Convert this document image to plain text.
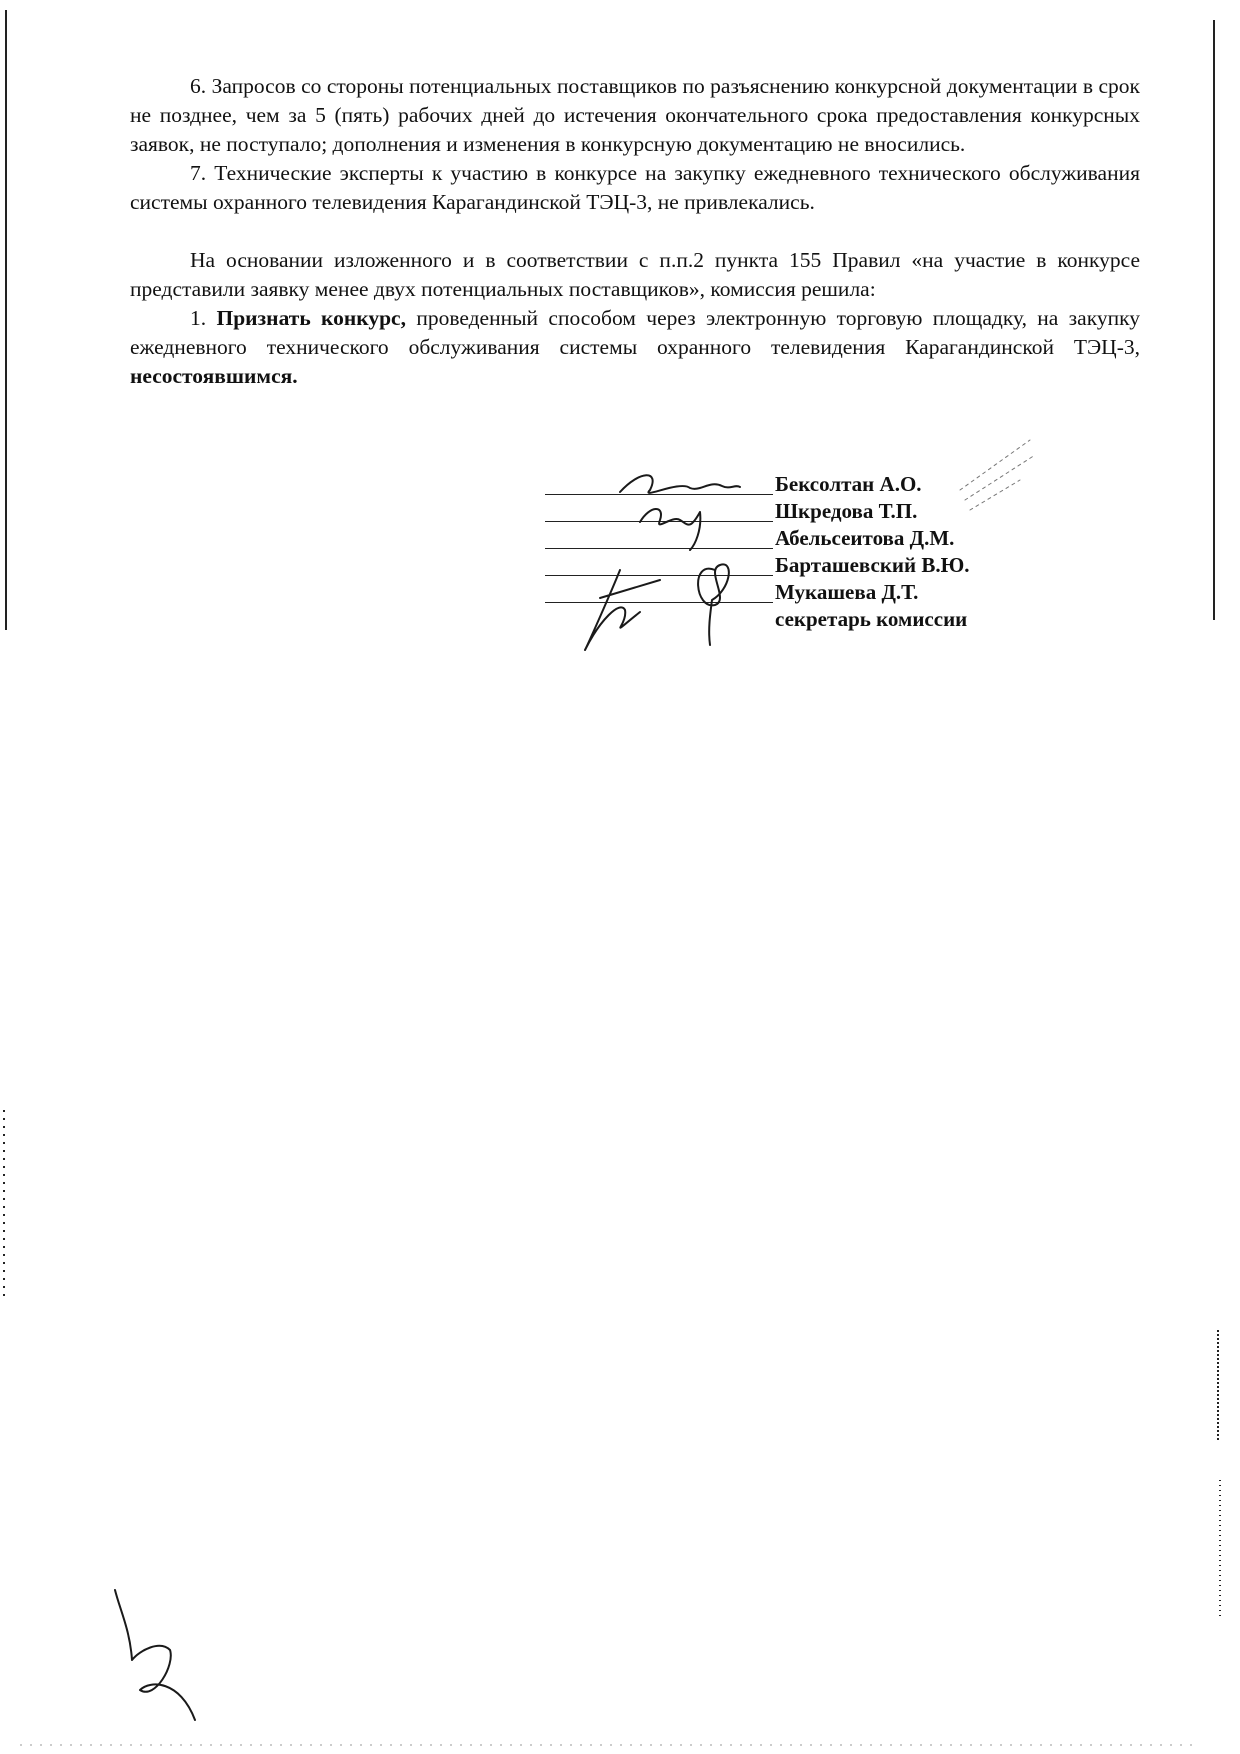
6. Запросов со стороны потенциальных поставщиков по разъяснению конкурсной документации в срок не позднее, чем за 5 (пять) рабочих дней до истечения окончательного срока предоставления конкурсных заявок, не поступало; дополнения и изменения в конкурсную документацию не вносились.

7. Технические эксперты к участию в конкурсе на закупку ежедневного технического обслуживания системы охранного телевидения Карагандинской ТЭЦ-3, не привлекались.

На основании изложенного и в соответствии с п.п.2 пункта 155 Правил «на участие в конкурсе представили заявку менее двух потенциальных поставщиков», комиссия решила:

1. Признать конкурс, проведенный способом через электронную торговую площадку, на закупку ежедневного технического обслуживания системы охранного телевидения Карагандинской ТЭЦ-3, несостоявшимся.

Бексолтан А.О.
Шкредова Т.П.
Абельсеитова Д.М.
Барташевский В.Ю.
Мукашева Д.Т.
секретарь комиссии
